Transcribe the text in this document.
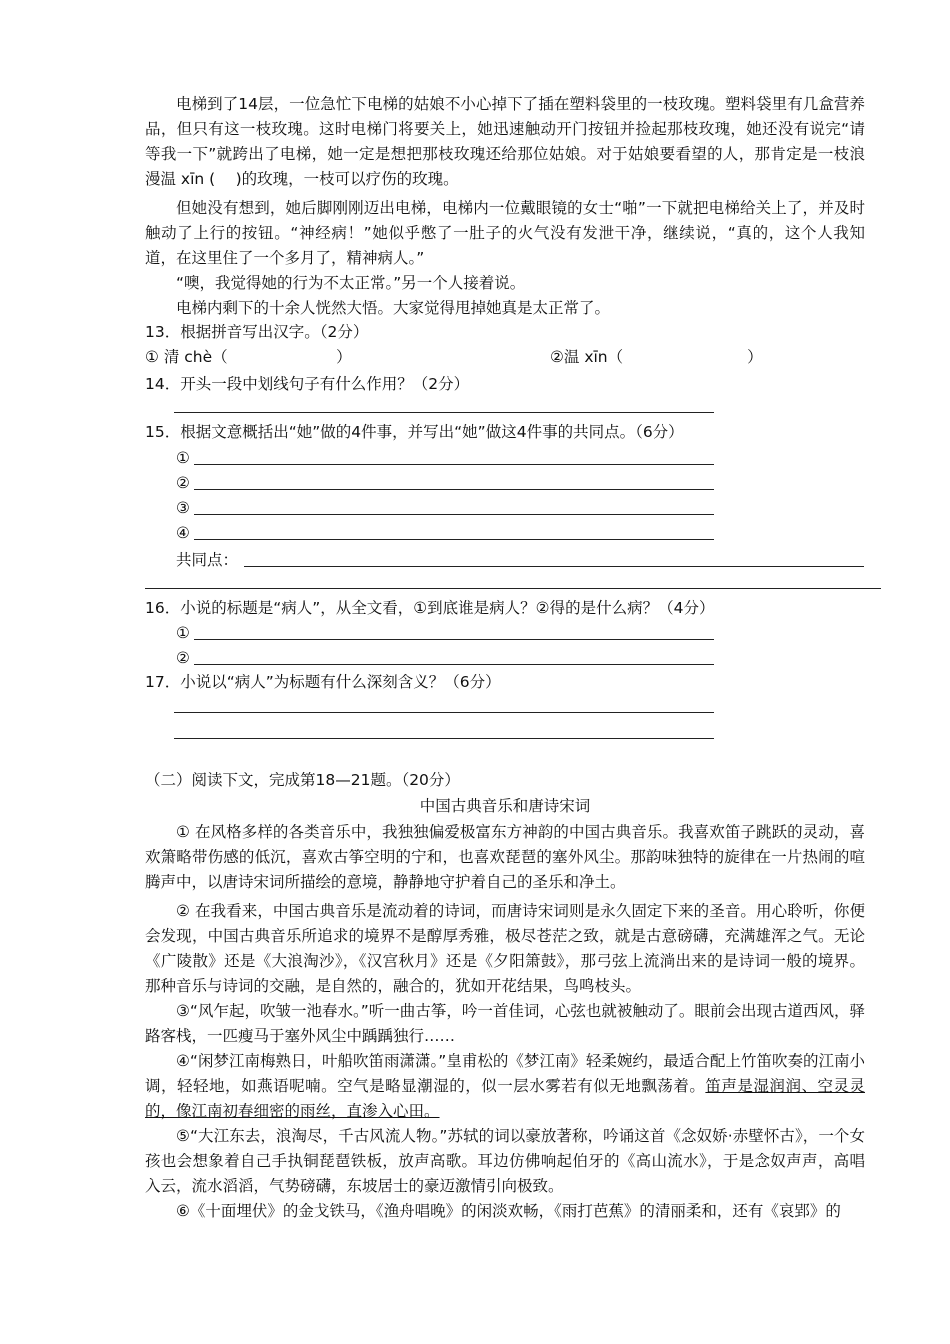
电梯到了14层，一位急忙下电梯的姑娘不小心掉下了插在塑料袋里的一枝玫瑰。塑料袋里有几盒营养品，但只有这一枝玫瑰。这时电梯门将要关上，她迅速触动开门按钮并捡起那枝玫瑰，她还没有说完“请等我一下”就跨出了电梯，她一定是想把那枝玫瑰还给那位姑娘。对于姑娘要看望的人，那肯定是一枝浪漫温 xīn (　 )的玫瑰，一枝可以疗伤的玫瑰。

但她没有想到，她后脚刚刚迈出电梯，电梯内一位戴眼镜的女士“啪”一下就把电梯给关上了，并及时触动了上行的按钮。“神经病！”她似乎憋了一肚子的火气没有发泄干净，继续说，“真的，这个人我知道，在这里住了一个多月了，精神病人。”

“噢，我觉得她的行为不太正常。”另一个人接着说。

电梯内剩下的十余人恍然大悟。大家觉得甩掉她真是太正常了。

13．根据拼音写出汉字。（2分）
① 清 chè（　　　　　　　）	②温 xīn（　　　　　　　　）
14．开头一段中划线句子有什么作用？（2分）
15．根据文意概括出“她”做的4件事，并写出“她”做这4件事的共同点。（6分）
①
②
③
④
共同点：
16．小说的标题是“病人”，从全文看，①到底谁是病人？②得的是什么病？（4分）
①
②
17．小说以“病人”为标题有什么深刻含义？（6分）
（二）阅读下文，完成第18—21题。（20分）
中国古典音乐和唐诗宋词

① 在风格多样的各类音乐中，我独独偏爱极富东方神韵的中国古典音乐。我喜欢笛子跳跃的灵动，喜欢箫略带伤感的低沉，喜欢古筝空明的宁和，也喜欢琵琶的塞外风尘。那韵味独特的旋律在一片热闹的喧腾声中，以唐诗宋词所描绘的意境，静静地守护着自己的圣乐和净土。

② 在我看来，中国古典音乐是流动着的诗词，而唐诗宋词则是永久固定下来的圣音。用心聆听，你便会发现，中国古典音乐所追求的境界不是醇厚秀雅，极尽苍茫之致，就是古意磅礴，充满雄浑之气。无论《广陵散》还是《大浪淘沙》，《汉宫秋月》还是《夕阳箫鼓》，那弓弦上流淌出来的是诗词一般的境界。那种音乐与诗词的交融，是自然的，融合的，犹如开花结果，鸟鸣枝头。

③“风乍起，吹皱一池春水。”听一曲古筝，吟一首佳词，心弦也就被触动了。眼前会出现古道西风，驿路客栈，一匹瘦马于塞外风尘中踽踽独行……

④“闲梦江南梅熟日，叶船吹笛雨潇潇。”皇甫松的《梦江南》轻柔婉约，最适合配上竹笛吹奏的江南小调，轻轻地，如燕语呢喃。空气是略显潮湿的，似一层水雾若有似无地飘荡着。笛声是湿润润、空灵灵的，像江南初春细密的雨丝，直渗入心田。

⑤“大江东去，浪淘尽，千古风流人物。”苏轼的词以豪放著称，吟诵这首《念奴娇·赤壁怀古》，一个女孩也会想象着自己手执铜琵琶铁板，放声高歌。耳边仿佛响起伯牙的《高山流水》，于是念奴声声，高唱入云，流水滔滔，气势磅礴，东坡居士的豪迈激情引向极致。

⑥《十面埋伏》的金戈铁马，《渔舟唱晚》的闲淡欢畅，《雨打芭蕉》的清丽柔和，还有《哀郢》的
